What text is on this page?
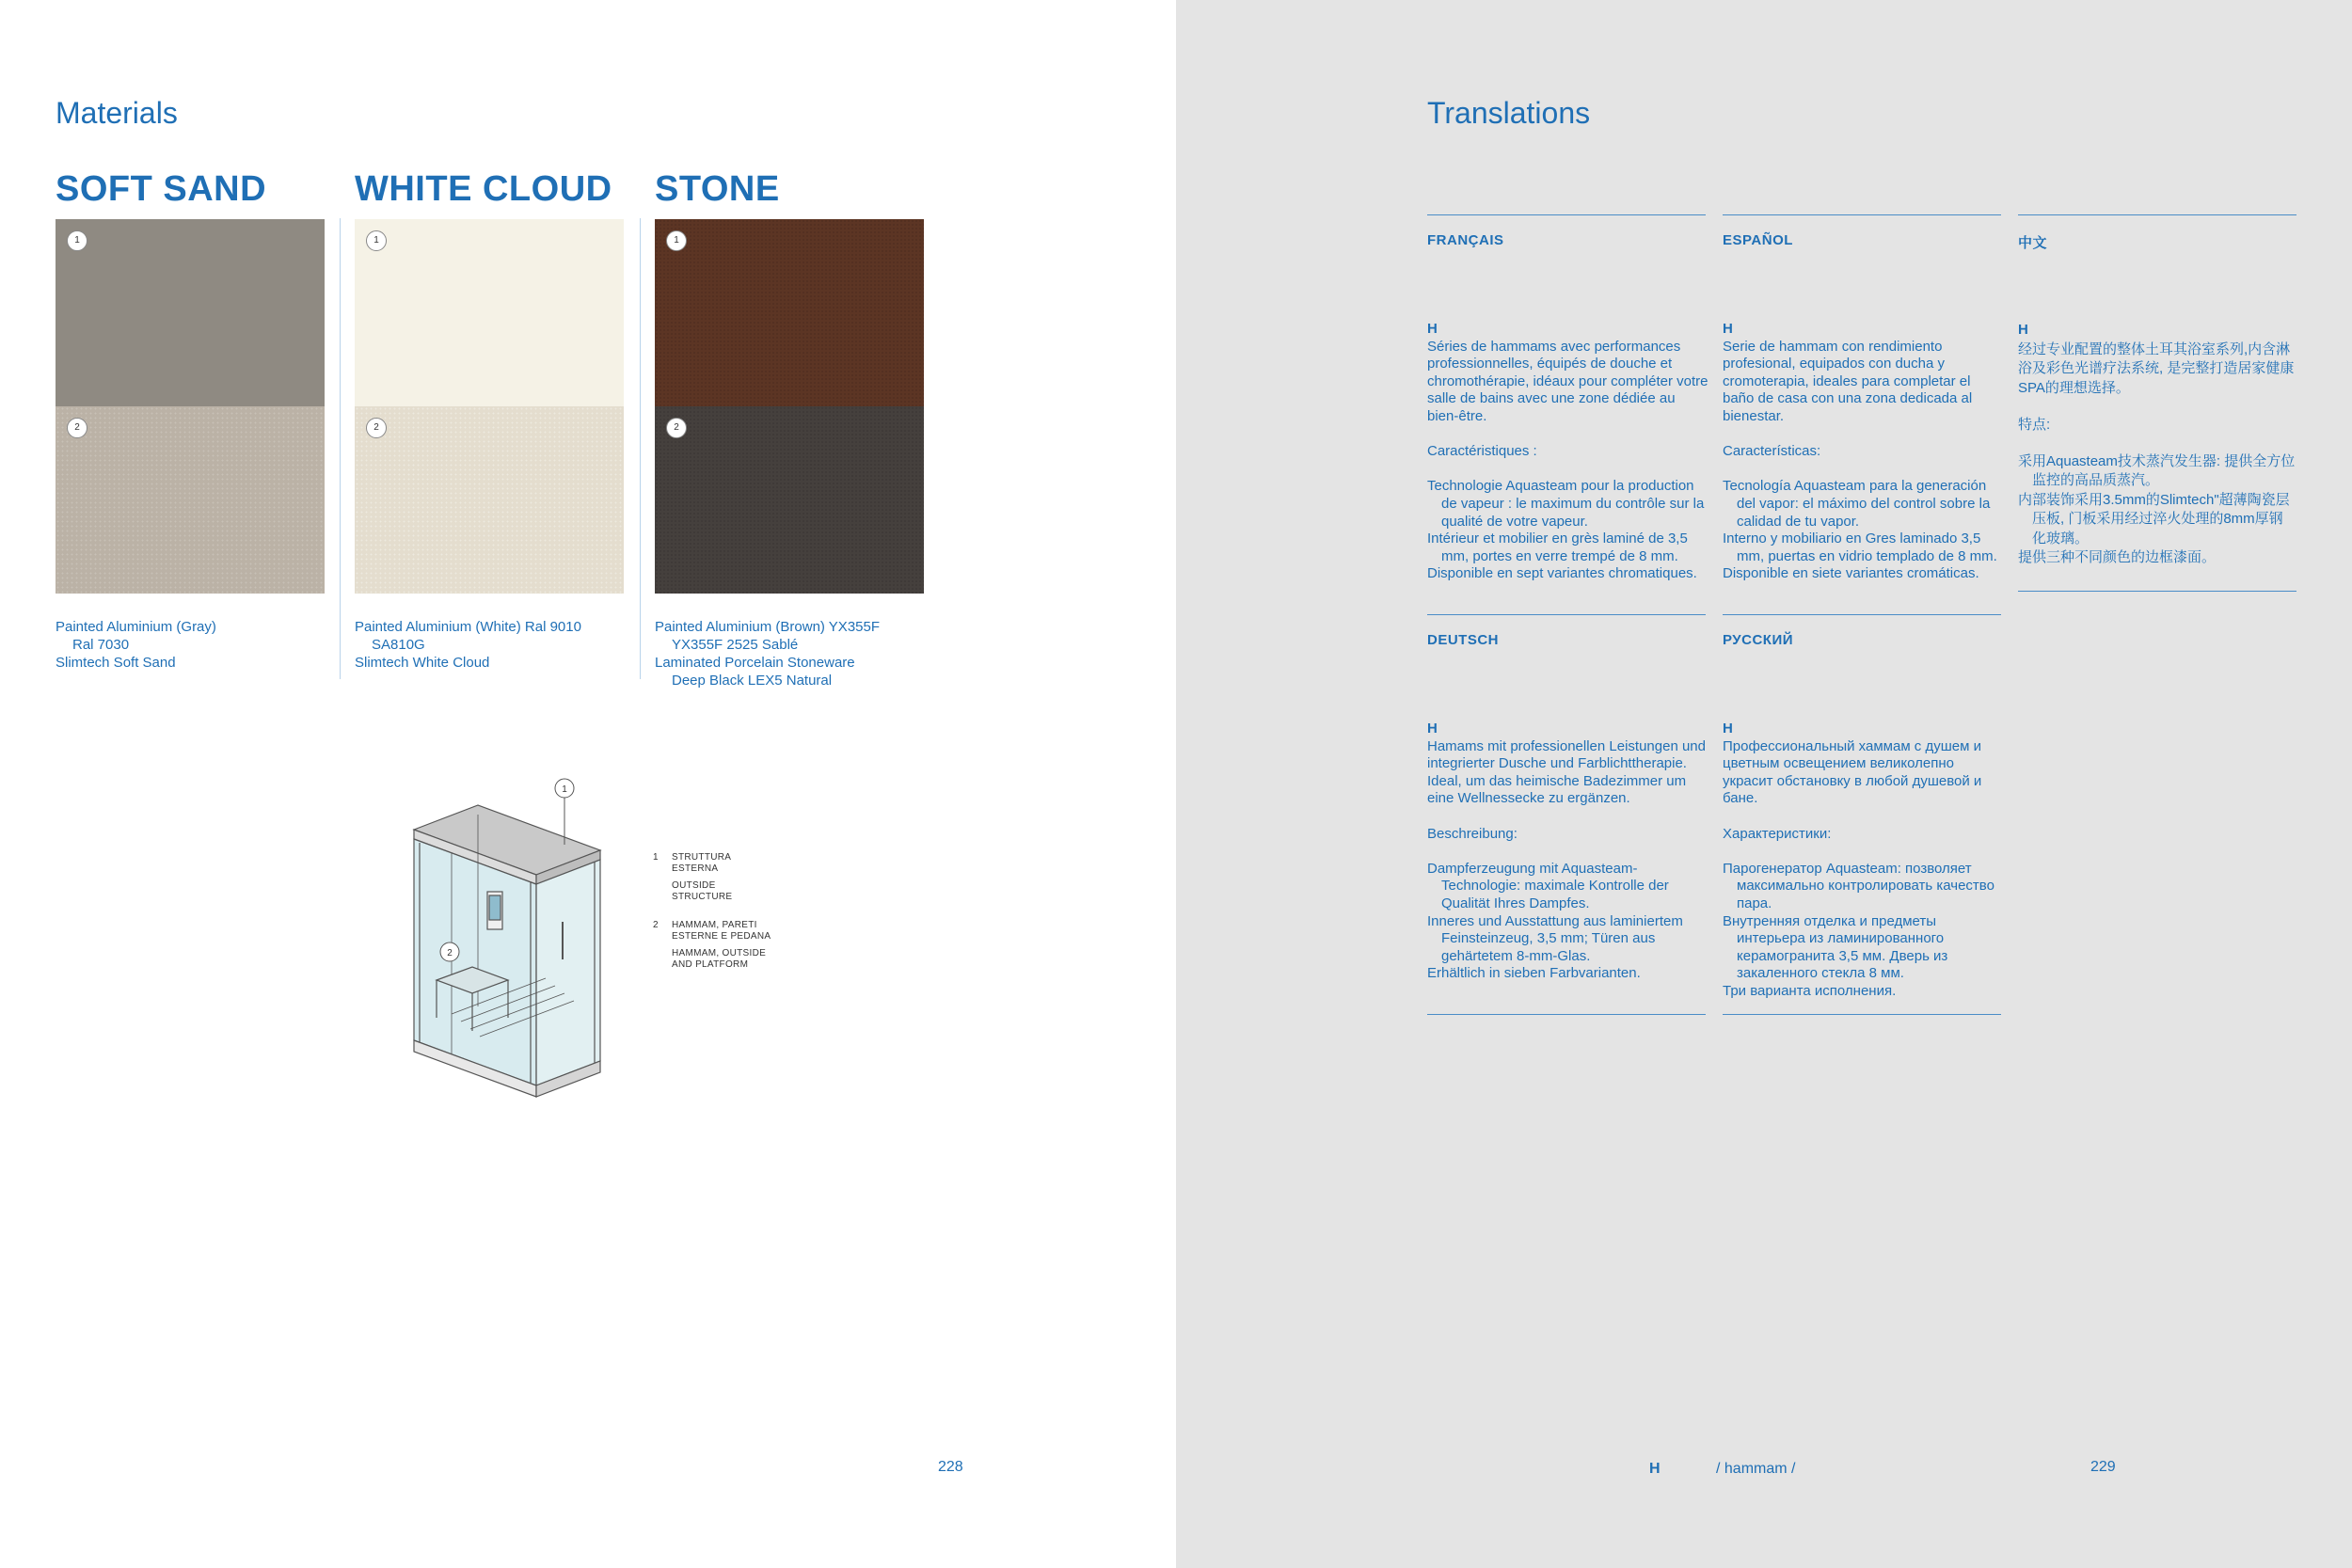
Materials
SOFT SAND
1
2
Painted Aluminium (Gray)
Ral 7030
Slimtech Soft Sand
WHITE CLOUD
1
2
Painted Aluminium (White) Ral 9010
SA810G
Slimtech White Cloud
STONE
1
2
Painted Aluminium (Brown) YX355F
YX355F 2525 Sablé
Laminated Porcelain Stoneware
Deep Black LEX5 Natural
1
2
1	STRUTTURA
ESTERNA
OUTSIDE
STRUCTURE
2	HAMMAM, PARETI
ESTERNE E PEDANA
HAMMAM, OUTSIDE
AND PLATFORM
228
Translations
FRANÇAIS
H
Séries de hammams avec performances professionnelles, équipés de douche et chromothérapie, idéaux pour compléter votre salle de bains avec une zone dédiée au bien-être.
Caractéristiques :
Technologie Aquasteam pour la production de vapeur : le maximum du contrôle sur la qualité de votre vapeur.
Intérieur et mobilier en grès laminé de 3,5 mm, portes en verre trempé de 8 mm.
Disponible en sept variantes chromatiques.
ESPAÑOL
H
Serie de hammam con rendimiento profesional, equipados con ducha y cromoterapia, ideales para completar el baño de casa con una zona dedicada al bienestar.
Características:
Tecnología Aquasteam para la generación del vapor: el máximo del control sobre la calidad de tu vapor.
Interno y mobiliario en Gres laminado 3,5 mm, puertas en vidrio templado de 8 mm.
Disponible en siete variantes cromáticas.
中文
H
经过专业配置的整体土耳其浴室系列,内含淋浴及彩色光谱疗法系统, 是完整打造居家健康SPA的理想选择。
特点:
采用Aquasteam技术蒸汽发生器: 提供全方位监控的高品质蒸汽。
内部装饰采用3.5mm的Slimtech"超薄陶瓷层压板, 门板采用经过淬火处理的8mm厚钢化玻璃。
提供三种不同颜色的边框漆面。
DEUTSCH
H
Hamams mit professionellen Leistungen und integrierter Dusche und Farblichttherapie. Ideal, um das heimische Badezimmer um eine Wellnessecke zu ergänzen.
Beschreibung:
Dampferzeugung mit Aquasteam-Technologie: maximale Kontrolle der Qualität Ihres Dampfes.
Inneres und Ausstattung aus laminiertem Feinsteinzeug, 3,5 mm; Türen aus gehärtetem 8-mm-Glas.
Erhältlich in sieben Farbvarianten.
РУССКИЙ
H
Профессиональный хаммам с душем и цветным освещением великолепно украсит обстановку в любой душевой и бане.
Характеристики:
Парогенератор Aquasteam: позволяет максимально контролировать качество пара.
Внутренняя отделка и предметы интерьера из ламинированного керамогранита 3,5 мм. Дверь из закаленного стекла 8 мм.
Три варианта исполнения.
H	/ hammam /	229
